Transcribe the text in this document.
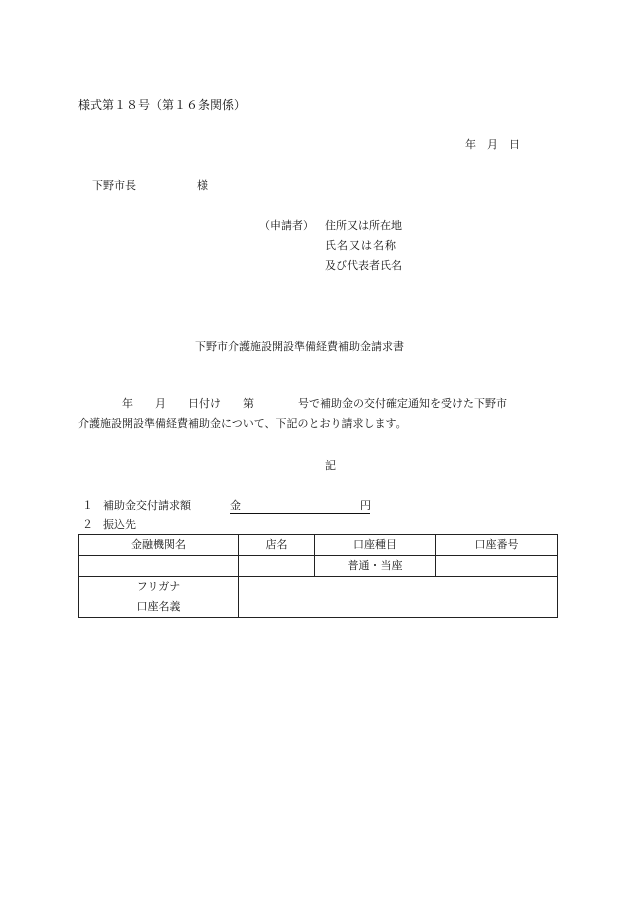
様式第１８号（第１６条関係）
年　月　日
下野市長	様
（申請者） 住所又は所在地
氏名又は名称
及び代表者氏名
下野市介護施設開設準備経費補助金請求書
　　　　年　　月　　日付け　　第　　　　号で補助金の交付確定通知を受けた下野市
介護施設開設準備経費補助金について、下記のとおり請求します。
記
１ 補助金交付請求額	金	円
２ 振込先
金融機関名	店名	口座種目	口座番号
		普通・当座	

フリガナ
口座名義			
